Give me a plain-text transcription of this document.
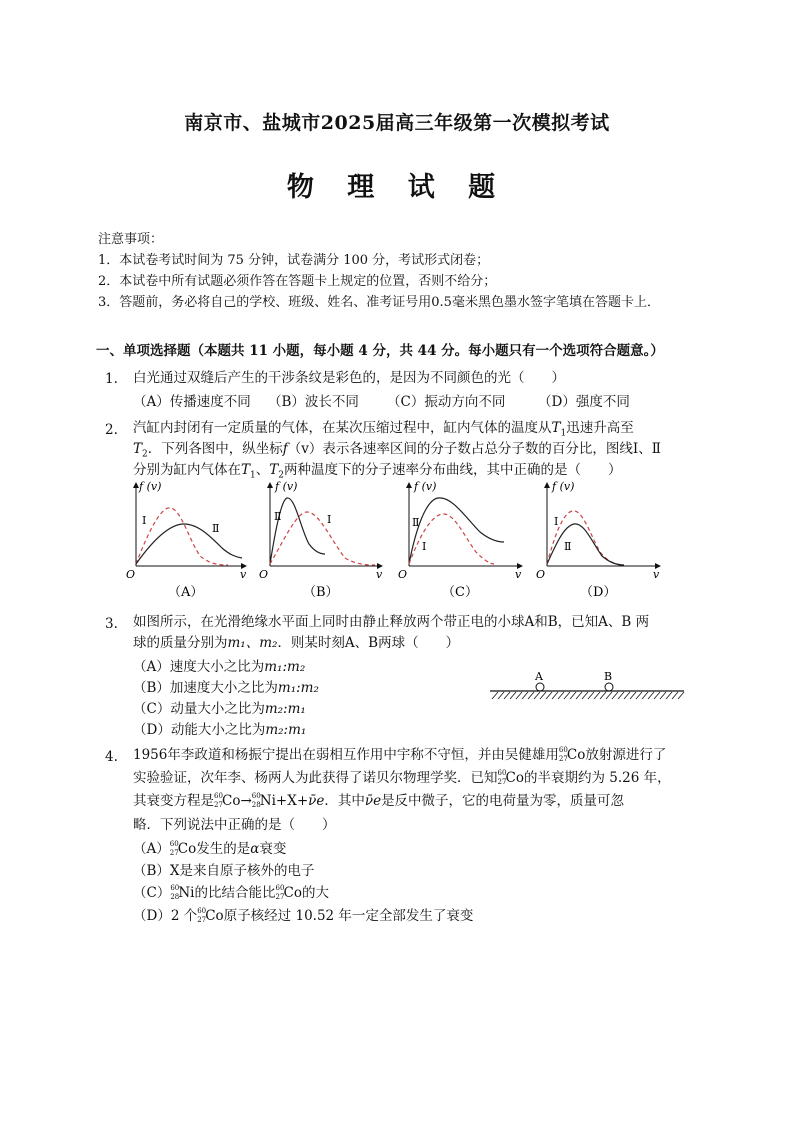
南京市、盐城市2025届高三年级第一次模拟考试
物 理 试 题
注意事项：
1．本试卷考试时间为 75 分钟，试卷满分 100 分，考试形式闭卷；
2．本试卷中所有试题必须作答在答题卡上规定的位置，否则不给分；
3．答题前，务必将自己的学校、班级、姓名、准考证号用0.5毫米黑色墨水签字笔填在答题卡上．
一、单项选择题（本题共 11 小题，每小题 4 分，共 44 分。每小题只有一个选项符合题意。）
1. 白光通过双缝后产生的干涉条纹是彩色的，是因为不同颜色的光（　　）
（A）传播速度不同 （B）波长不同 （C）振动方向不同 （D）强度不同
2. 汽缸内封闭有一定质量的气体，在某次压缩过程中，缸内气体的温度从$T_1$迅速升高至
$T_2$．下列各图中，纵坐标f（v）表示各速率区间的分子数占总分子数的百分比，图线Ⅰ、Ⅱ
分别为缸内气体在$T_1$、$T_2$两种温度下的分子速率分布曲线，其中正确的是（　　）
f (v)
v
O
Ⅰ
Ⅱ
（A）
f (v)
v
O
Ⅰ
Ⅱ
（B）
f (v)
v
O
Ⅰ
Ⅱ
（C）
f (v)
v
O
Ⅰ
Ⅱ
（D）
3. 如图所示，在光滑绝缘水平面上同时由静止释放两个带正电的小球A和B，已知A、B 两
球的质量分别为m₁、m₂．则某时刻A、B两球（　　）
（A）速度大小之比为m₁:m₂
（B）加速度大小之比为m₁:m₂
（C）动量大小之比为m₂:m₁
（D）动能大小之比为m₂:m₁
A	B
4. 1956年李政道和杨振宁提出在弱相互作用中宇称不守恒，并由吴健雄用 60
27 Co放射源进行了
实验验证，次年李、杨两人为此获得了诺贝尔物理学奖．已知 60
27 Co的半衰期约为 5.26 年，
其衰变方程是 60
27 Co→ 60
28 Ni+X+ν̄e．其中ν̄e是反中微子，它的电荷量为零，质量可忽
略．下列说法中正确的是（　　）
（A） 60
27 Co发生的是α衰变
（B）X是来自原子核外的电子
（C） 60
28 Ni的比结合能比 60
27 Co的大
（D）2 个 60
27 Co原子核经过 10.52 年一定全部发生了衰变
